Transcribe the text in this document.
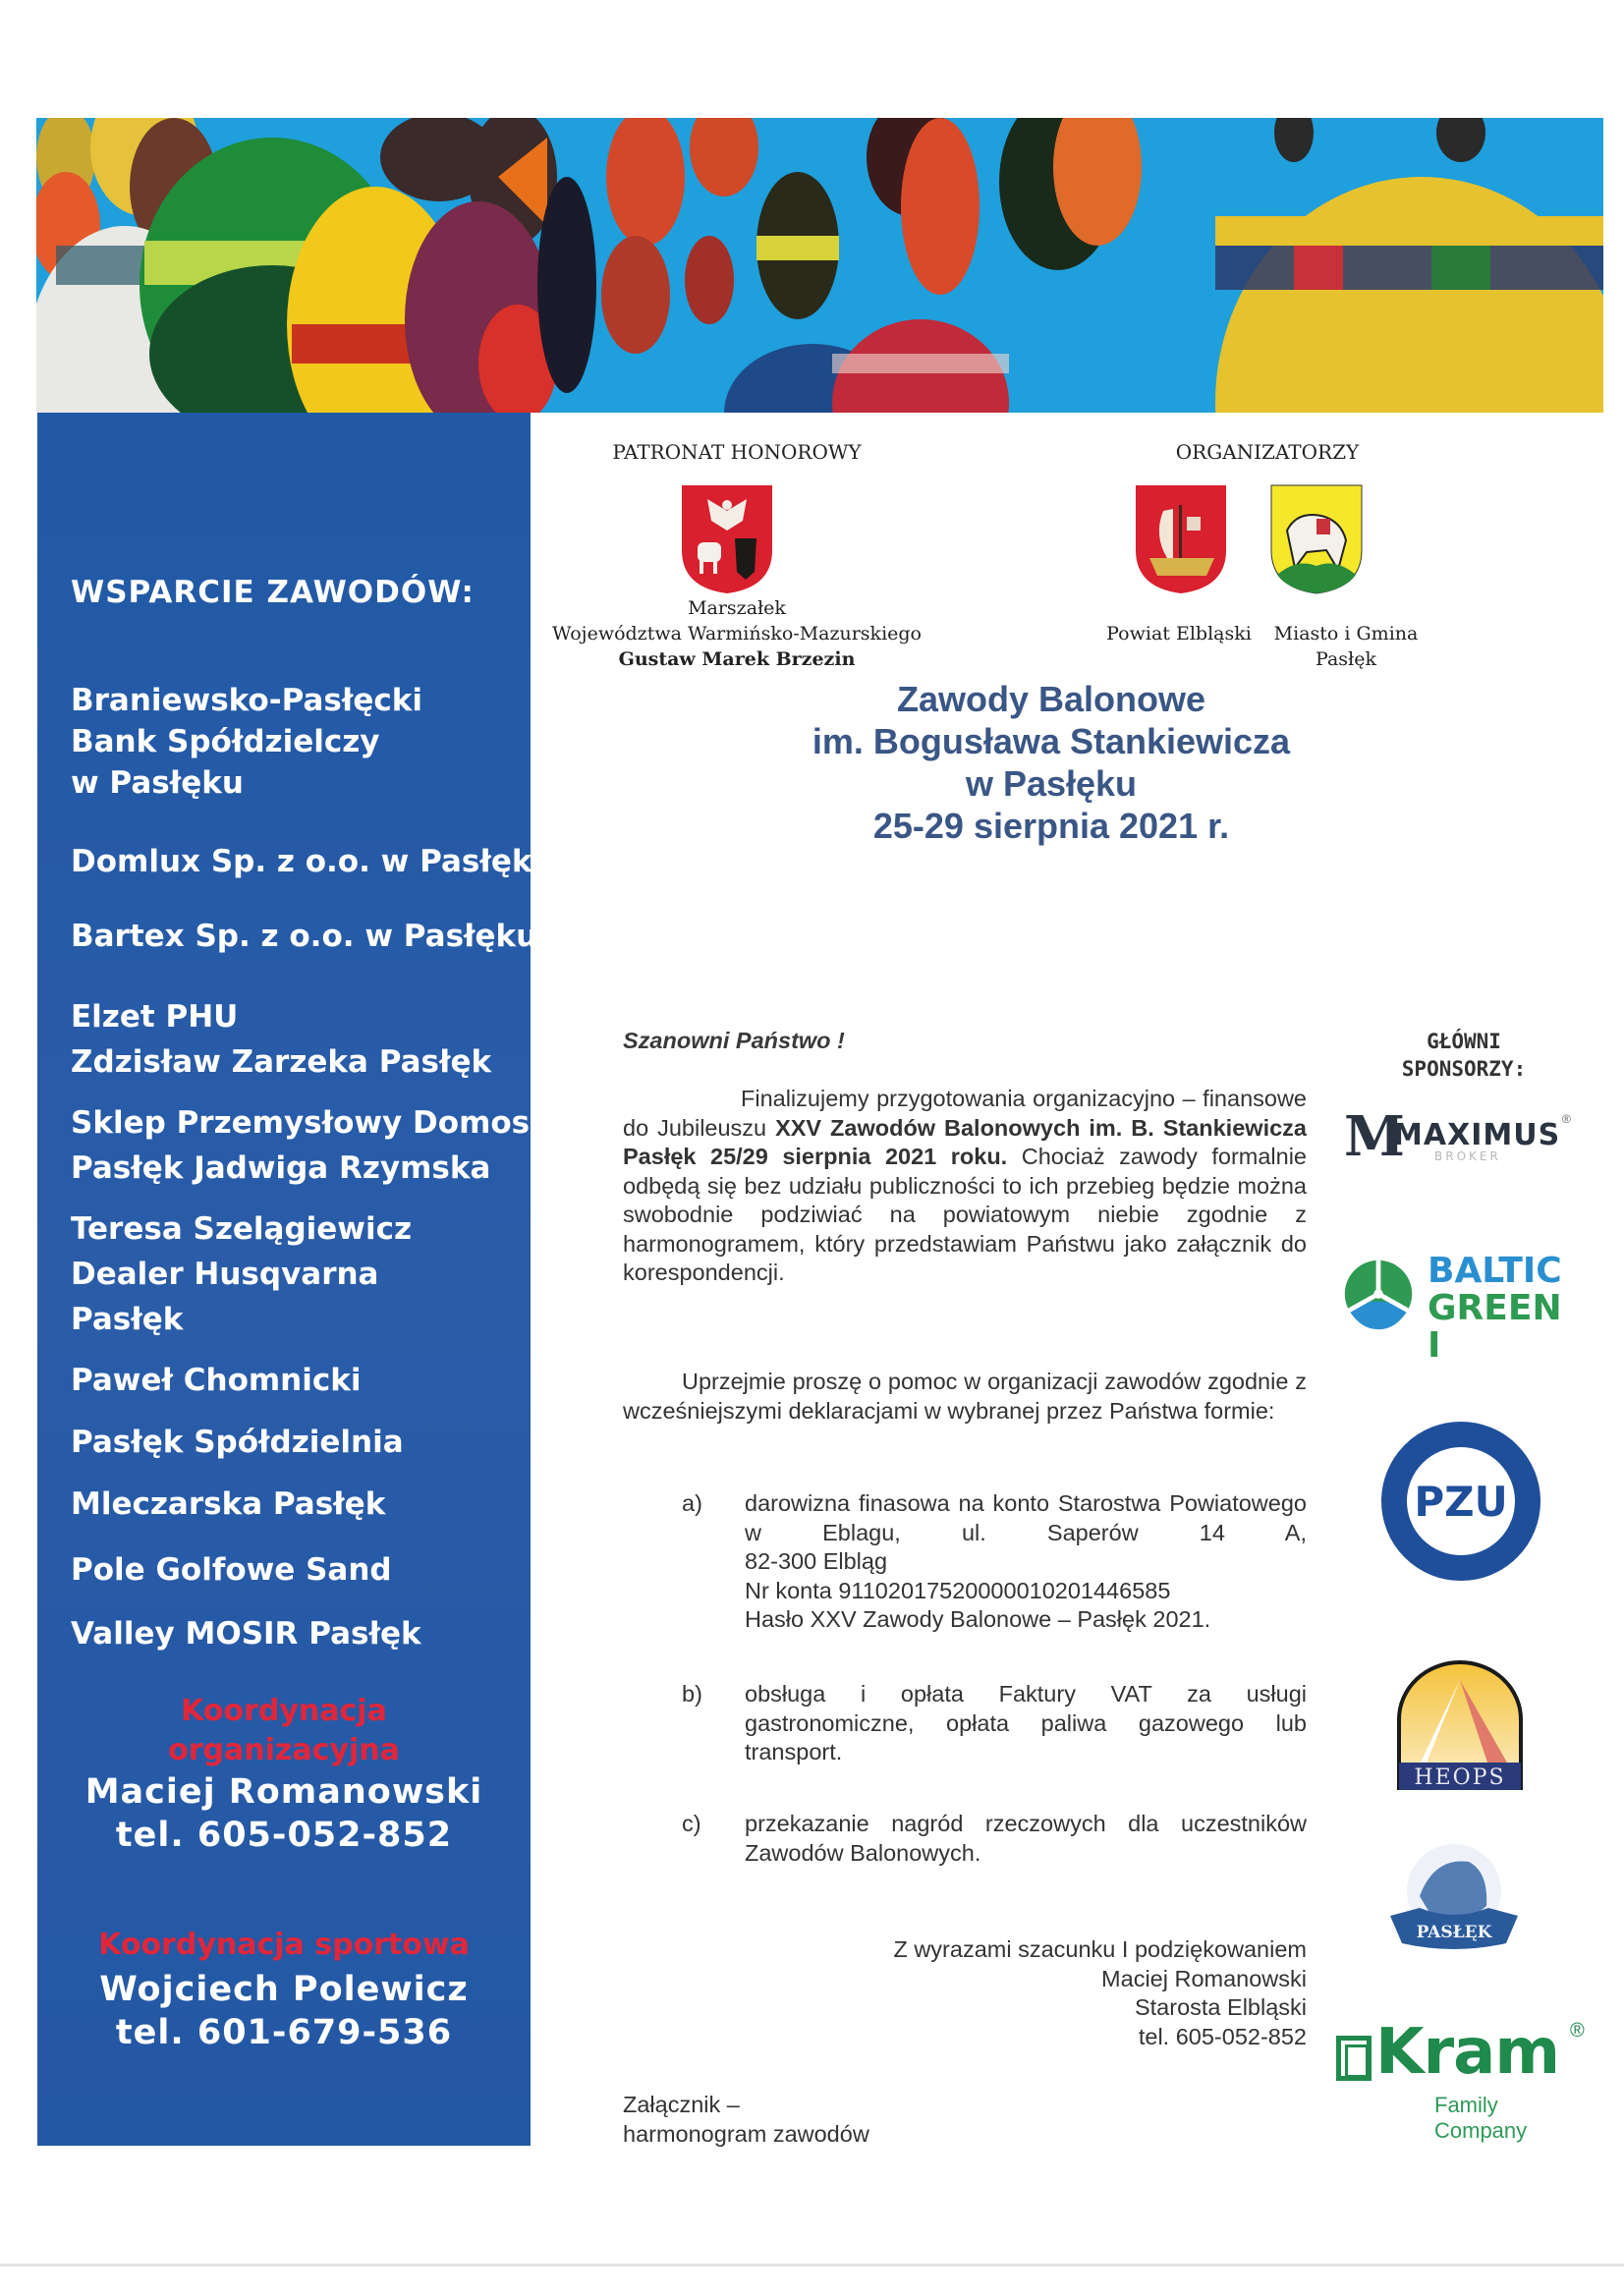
WSPARCIE ZAWODÓW:
Braniewsko-Pasłęcki
Bank Spółdzielczy
w Pasłęku
Domlux Sp. z o.o. w Pasłęku
Bartex Sp. z o.o. w Pasłęku
Elzet PHU
Zdzisław Zarzeka Pasłęk
Sklep Przemysłowy Domos
Pasłęk Jadwiga Rzymska
Teresa Szelągiewicz
Dealer Husqvarna
Pasłęk
Paweł Chomnicki
Pasłęk Spółdzielnia
Mleczarska Pasłęk
Pole Golfowe Sand
Valley MOSIR Pasłęk
Koordynacja
organizacyjna
Maciej Romanowski
tel. 605-052-852
Koordynacja sportowa
Wojciech Polewicz
tel. 601-679-536
PATRONAT HONOROWY	ORGANIZATORZY
Marszałek
Województwa Warmińsko-Mazurskiego
Gustaw Marek Brzezin
Powiat Elbląski	Miasto i Gmina
Pasłęk
Zawody Balonowe
im. Bogusława Stankiewicza
w Pasłęku
25-29 sierpnia 2021 r.
Szanowni Państwo !
Finalizujemy przygotowania organizacyjno – finansowe do Jubileuszu XXV Zawodów Balonowych im. B. Stankiewicza Pasłęk 25/29 sierpnia 2021 roku. Chociaż zawody formalnie odbędą się bez udziału publiczności to ich przebieg będzie można swobodnie podziwiać na powiatowym niebie zgodnie z harmonogramem, który przedstawiam Państwu jako załącznik do korespondencji.
Uprzejmie proszę o pomoc w organizacji zawodów zgodnie z wcześniejszymi deklaracjami w wybranej przez Państwa formie:
a) darowizna finasowa na konto Starostwa Powiatowego w Eblagu, ul. Saperów 14 A,
82-300 Elbląg
Nr konta 91102017520000010201446585
Hasło XXV Zawody Balonowe – Pasłęk 2021.
b) obsługa i opłata Faktury VAT za usługi gastronomiczne, opłata paliwa gazowego lub transport.
c) przekazanie nagród rzeczowych dla uczestników Zawodów Balonowych.
Z wyrazami szacunku I podziękowaniem
Maciej Romanowski
Starosta Elbląski
tel. 605-052-852
Załącznik –
harmonogram zawodów
GŁÓWNI
SPONSORZY:
M
MAXIMUS
BROKER
®
BALTIC
GREEN I
PZU
HEOPS
PASŁĘK
Kram ®
Family Company
